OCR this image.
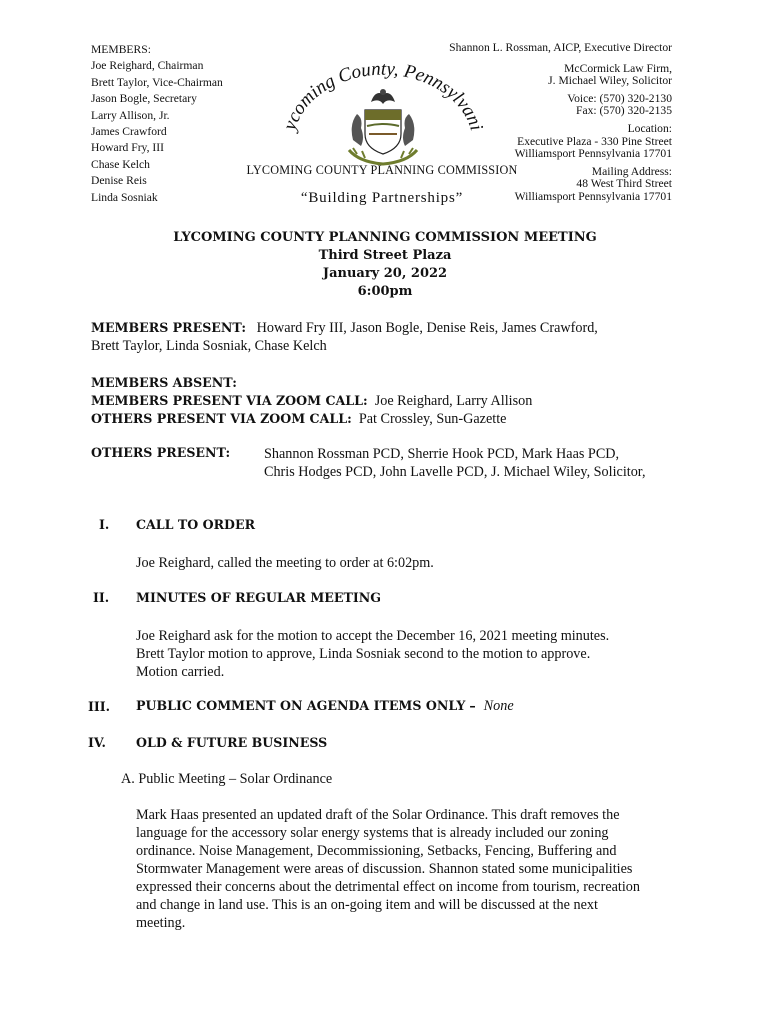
MEMBERS:
Joe Reighard, Chairman
Brett Taylor, Vice-Chairman
Jason Bogle, Secretary
Larry Allison, Jr.
James Crawford
Howard Fry, III
Chase Kelch
Denise Reis
Linda Sosniak
coming County, Pennsylvan
LYCOMING COUNTY PLANNING COMMISSION
“Building Partnerships”
Shannon L. Rossman, AICP, Executive Director
McCormick Law Firm,
J. Michael Wiley, Solicitor
Voice: (570) 320-2130
Fax: (570) 320-2135
Location:
Executive Plaza - 330 Pine Street
Williamsport Pennsylvania 17701
Mailing Address:
48 West Third Street
Williamsport Pennsylvania 17701
LYCOMING COUNTY PLANNING COMMISSION MEETING
Third Street Plaza
January 20, 2022
6:00pm
MEMBERS PRESENT: Howard Fry III, Jason Bogle, Denise Reis, James Crawford,
Brett Taylor, Linda Sosniak, Chase Kelch
MEMBERS ABSENT:
MEMBERS PRESENT VIA ZOOM CALL: Joe Reighard, Larry Allison
OTHERS PRESENT VIA ZOOM CALL: Pat Crossley, Sun-Gazette
OTHERS PRESENT: Shannon Rossman PCD, Sherrie Hook PCD, Mark Haas PCD,
Chris Hodges PCD, John Lavelle PCD, J. Michael Wiley, Solicitor,
I. CALL TO ORDER
Joe Reighard, called the meeting to order at 6:02pm.
II. MINUTES OF REGULAR MEETING
Joe Reighard ask for the motion to accept the December 16, 2021 meeting minutes.
Brett Taylor motion to approve, Linda Sosniak second to the motion to approve.
Motion carried.
III. PUBLIC COMMENT ON AGENDA ITEMS ONLY – None
IV. OLD & FUTURE BUSINESS
A. Public Meeting – Solar Ordinance
Mark Haas presented an updated draft of the Solar Ordinance. This draft removes the
language for the accessory solar energy systems that is already included our zoning
ordinance. Noise Management, Decommissioning, Setbacks, Fencing, Buffering and
Stormwater Management were areas of discussion. Shannon stated some municipalities
expressed their concerns about the detrimental effect on income from tourism, recreation
and change in land use. This is an on-going item and will be discussed at the next
meeting.
